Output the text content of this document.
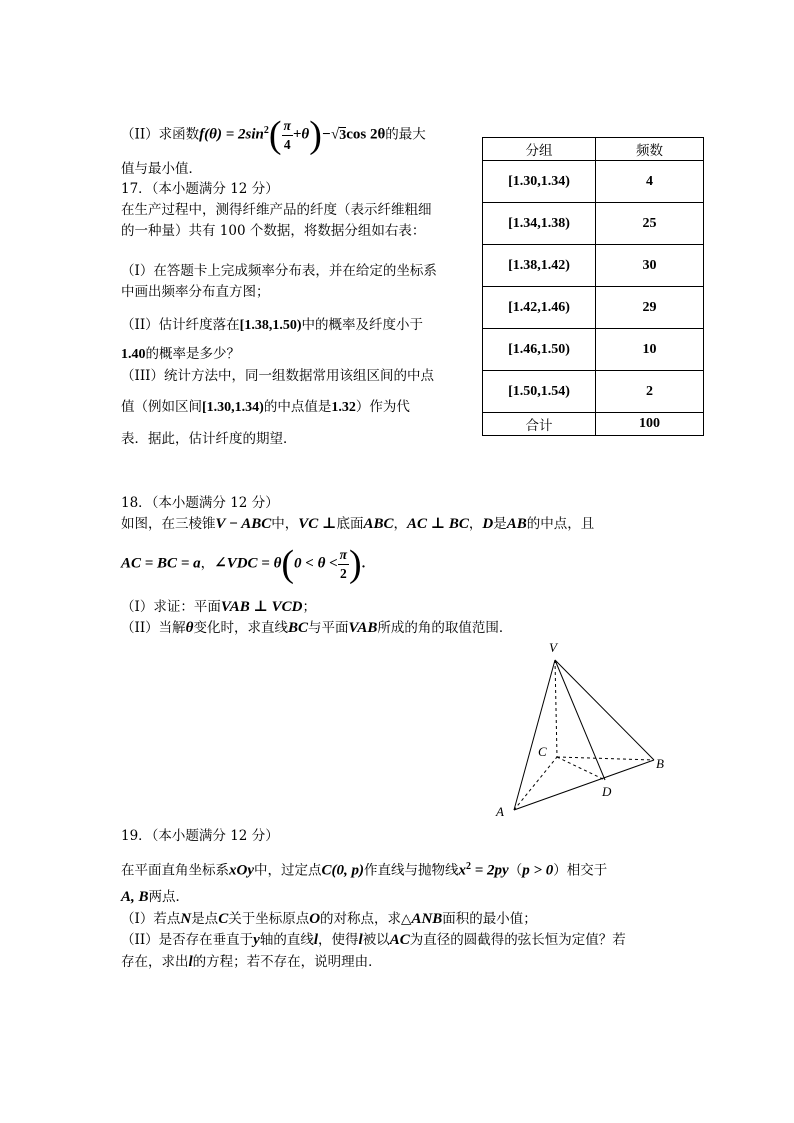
（II）求函数$f(\theta) = 2\sin^2( \frac{\pi}{4} +\theta)-√3\cos$ 2θ的最大
值与最小值．
17．（本小题满分 12 分）
在生产过程中，测得纤维产品的纤度（表示纤维粗细
的一种量）共有 100 个数据，将数据分组如右表：
（I）在答题卡上完成频率分布表，并在给定的坐标系
中画出频率分布直方图；
（II）估计纤度落在[1.38,1.50)中的概率及纤度小于
1.40的概率是多少？
（III）统计方法中，同一组数据常用该组区间的中点
值（例如区间[1.30,1.34)的中点值是1.32）作为代
表．据此，估计纤度的期望．
分组	频数
[1.30,1.34)	4
[1.34,1.38)	25
[1.38,1.42)	30
[1.42,1.46)	29
[1.46,1.50)	10
[1.50,1.54)	2
合计	100
18．（本小题满分 12 分）
如图，在三棱锥V − ABC中，VC ⊥底面ABC，AC ⊥ BC，D是AB的中点，且
AC = BC = a，∠VDC = $\theta(0 < \theta < \frac{\pi}{2}$ ).
（I）求证：平面VAB ⊥ VCD；
（II）当解θ变化时，求直线BC与平面VAB所成的角的取值范围．
V
C
B
D
A
19．（本小题满分 12 分）
在平面直角坐标系xOy中，过定点C(0, p)作直线与抛物线$x^2 = 2py(p > 0)$相交于
A, B两点．
（I）若点N是点C关于坐标原点O的对称点，求△ANB面积的最小值；
（II）是否存在垂直于y轴的直线l，使得l被以AC为直径的圆截得的弦长恒为定值？若
存在，求出l的方程；若不存在，说明理由．
